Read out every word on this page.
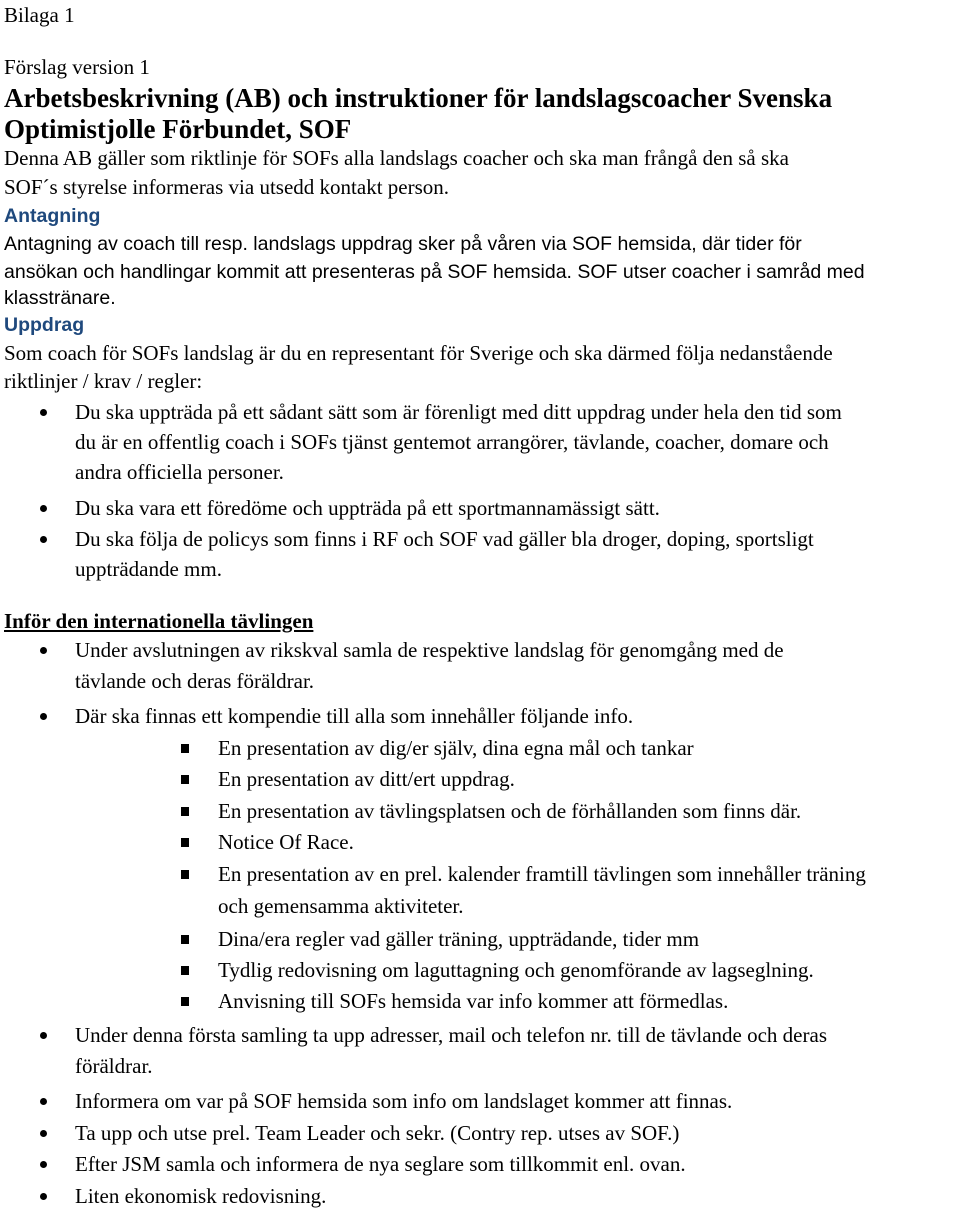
Bilaga 1
Förslag version 1
Arbetsbeskrivning (AB) och instruktioner för landslagscoacher Svenska
Optimistjolle Förbundet, SOF
Denna AB gäller som riktlinje för SOFs alla landslags coacher och ska man frångå den så ska
SOF´s styrelse informeras via utsedd kontakt person.
Antagning
Antagning av coach till resp. landslags uppdrag sker på våren via SOF hemsida, där tider för
ansökan och handlingar kommit att presenteras på SOF hemsida. SOF utser coacher i samråd med
klasstränare.
Uppdrag
Som coach för SOFs landslag är du en representant för Sverige och ska därmed följa nedanstående
riktlinjer / krav / regler:
Du ska uppträda på ett sådant sätt som är förenligt med ditt uppdrag under hela den tid som
du är en offentlig coach i SOFs tjänst gentemot arrangörer, tävlande, coacher, domare och
andra officiella personer.
Du ska vara ett föredöme och uppträda på ett sportmannamässigt sätt.
Du ska följa de policys som finns i RF och SOF vad gäller bla droger, doping, sportsligt
uppträdande mm.
Inför den internationella tävlingen
Under avslutningen av rikskval samla de respektive landslag för genomgång med de
tävlande och deras föräldrar.
Där ska finnas ett kompendie till alla som innehåller följande info.
En presentation av dig/er själv, dina egna mål och tankar
En presentation av ditt/ert uppdrag.
En presentation av tävlingsplatsen och de förhållanden som finns där.
Notice Of Race.
En presentation av en prel. kalender framtill tävlingen som innehåller träning
och gemensamma aktiviteter.
Dina/era regler vad gäller träning, uppträdande, tider mm
Tydlig redovisning om laguttagning och genomförande av lagseglning.
Anvisning till SOFs hemsida var info kommer att förmedlas.
Under denna första samling ta upp adresser, mail och telefon nr. till de tävlande och deras
föräldrar.
Informera om var på SOF hemsida som info om landslaget kommer att finnas.
Ta upp och utse prel. Team Leader och sekr. (Contry rep. utses av SOF.)
Efter JSM samla och informera de nya seglare som tillkommit enl. ovan.
Liten ekonomisk redovisning.
